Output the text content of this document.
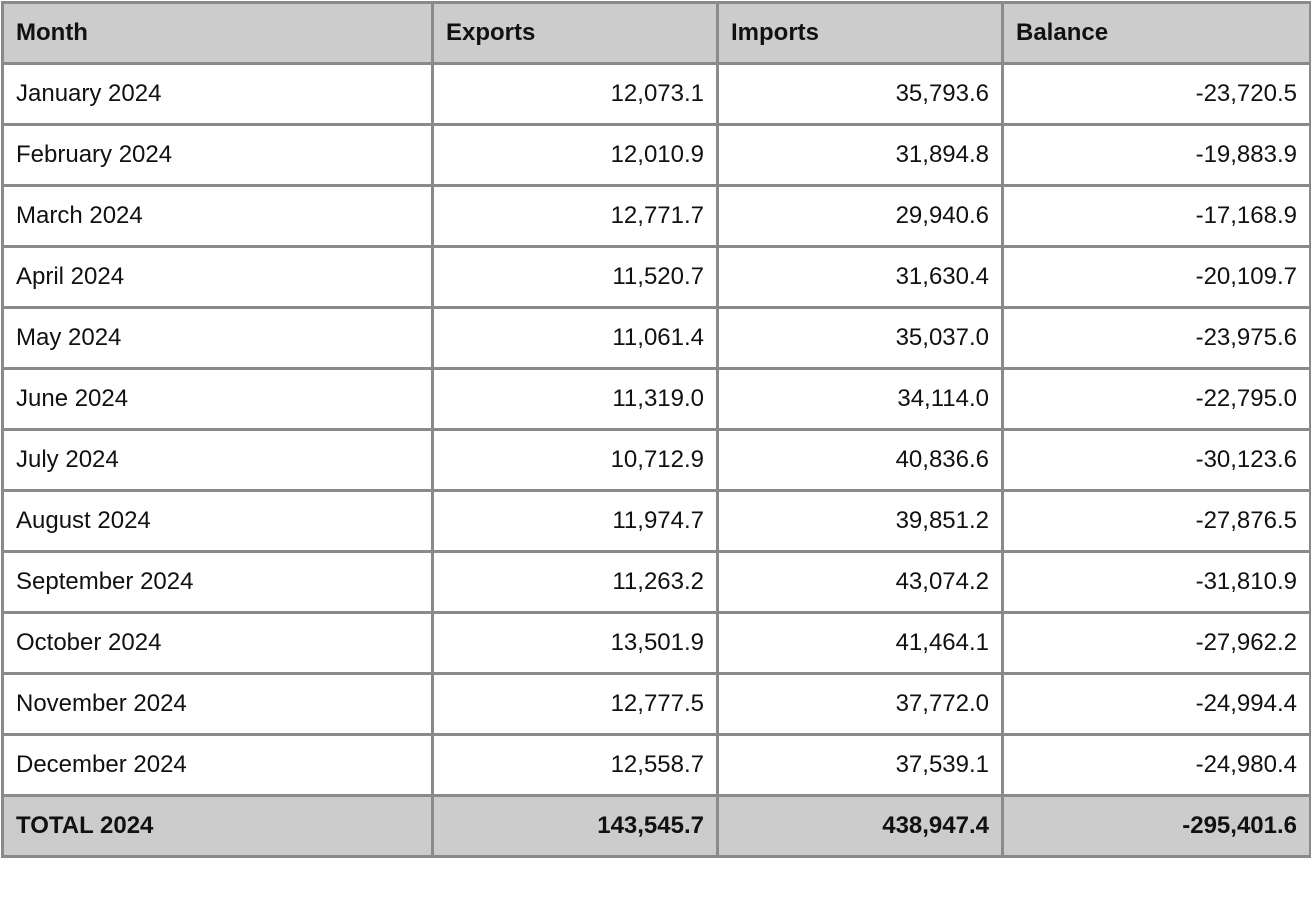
Month	Exports	Imports	Balance
January 2024	12,073.1	35,793.6	-23,720.5
February 2024	12,010.9	31,894.8	-19,883.9
March 2024	12,771.7	29,940.6	-17,168.9
April 2024	11,520.7	31,630.4	-20,109.7
May 2024	11,061.4	35,037.0	-23,975.6
June 2024	11,319.0	34,114.0	-22,795.0
July 2024	10,712.9	40,836.6	-30,123.6
August 2024	11,974.7	39,851.2	-27,876.5
September 2024	11,263.2	43,074.2	-31,810.9
October 2024	13,501.9	41,464.1	-27,962.2
November 2024	12,777.5	37,772.0	-24,994.4
December 2024	12,558.7	37,539.1	-24,980.4
TOTAL 2024	143,545.7	438,947.4	-295,401.6
